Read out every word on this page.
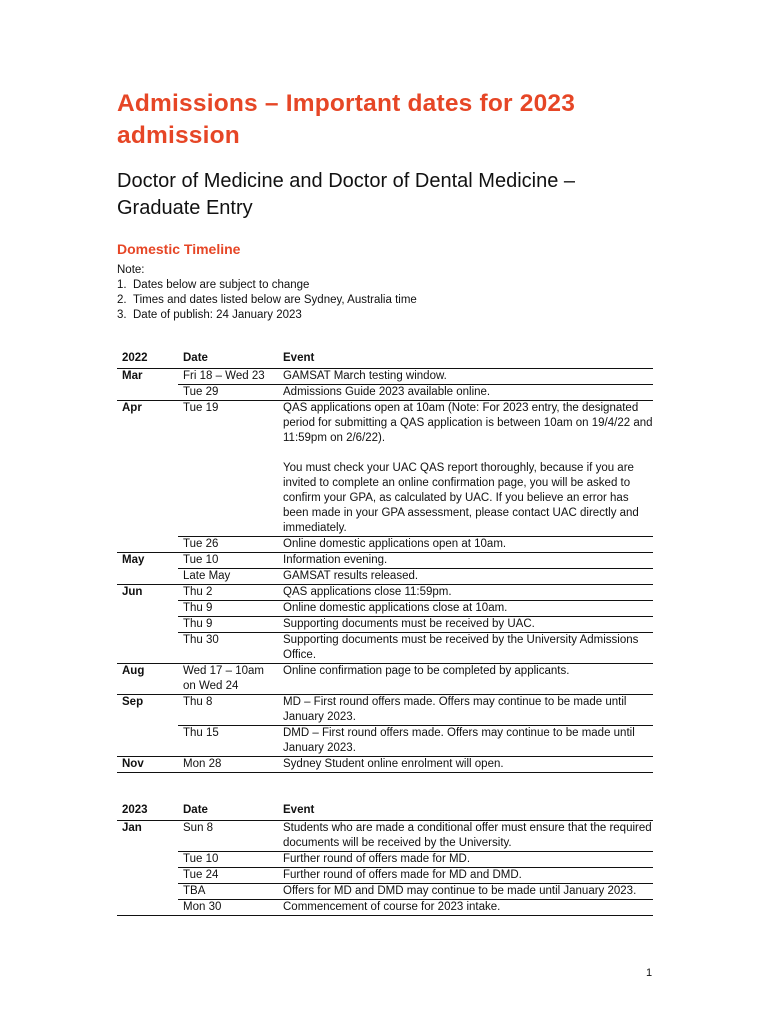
Admissions – Important dates for 2023 admission
Doctor of Medicine and Doctor of Dental Medicine – Graduate Entry
Domestic Timeline

Note:

1. Dates below are subject to change
2. Times and dates listed below are Sydney, Australia time
3. Date of publish: 24 January 2023
2022	Date	Event
Mar	Fri 18 – Wed 23	GAMSAT March testing window.

	Tue 29	Admissions Guide 2023 available online.

Apr	Tue 19	QAS applications open at 10am (Note: For 2023 entry, the designated period for submitting a QAS application is between 10am on 19/4/22 and 11:59pm on 2/6/22).
You must check your UAC QAS report thoroughly, because if you are invited to complete an online confirmation page, you will be asked to confirm your GPA, as calculated by UAC. If you believe an error has been made in your GPA assessment, please contact UAC directly and immediately.

	Tue 26	Online domestic applications open at 10am.

May	Tue 10	Information evening.

	Late May	GAMSAT results released.

Jun	Thu 2	QAS applications close 11:59pm.

	Thu 9	Online domestic applications close at 10am.

	Thu 9	Supporting documents must be received by UAC.

	Thu 30	Supporting documents must be received by the University Admissions Office.

Aug	Wed 17 – 10am on Wed 24	Online confirmation page to be completed by applicants.

Sep	Thu 8	MD – First round offers made. Offers may continue to be made until January 2023.

	Thu 15	DMD – First round offers made. Offers may continue to be made until January 2023.

Nov	Mon 28	Sydney Student online enrolment will open.
2023	Date	Event
Jan	Sun 8	Students who are made a conditional offer must ensure that the required documents will be received by the University.

	Tue 10	Further round of offers made for MD.

	Tue 24	Further round of offers made for MD and DMD.

	TBA	Offers for MD and DMD may continue to be made until January 2023.

	Mon 30	Commencement of course for 2023 intake.
1
